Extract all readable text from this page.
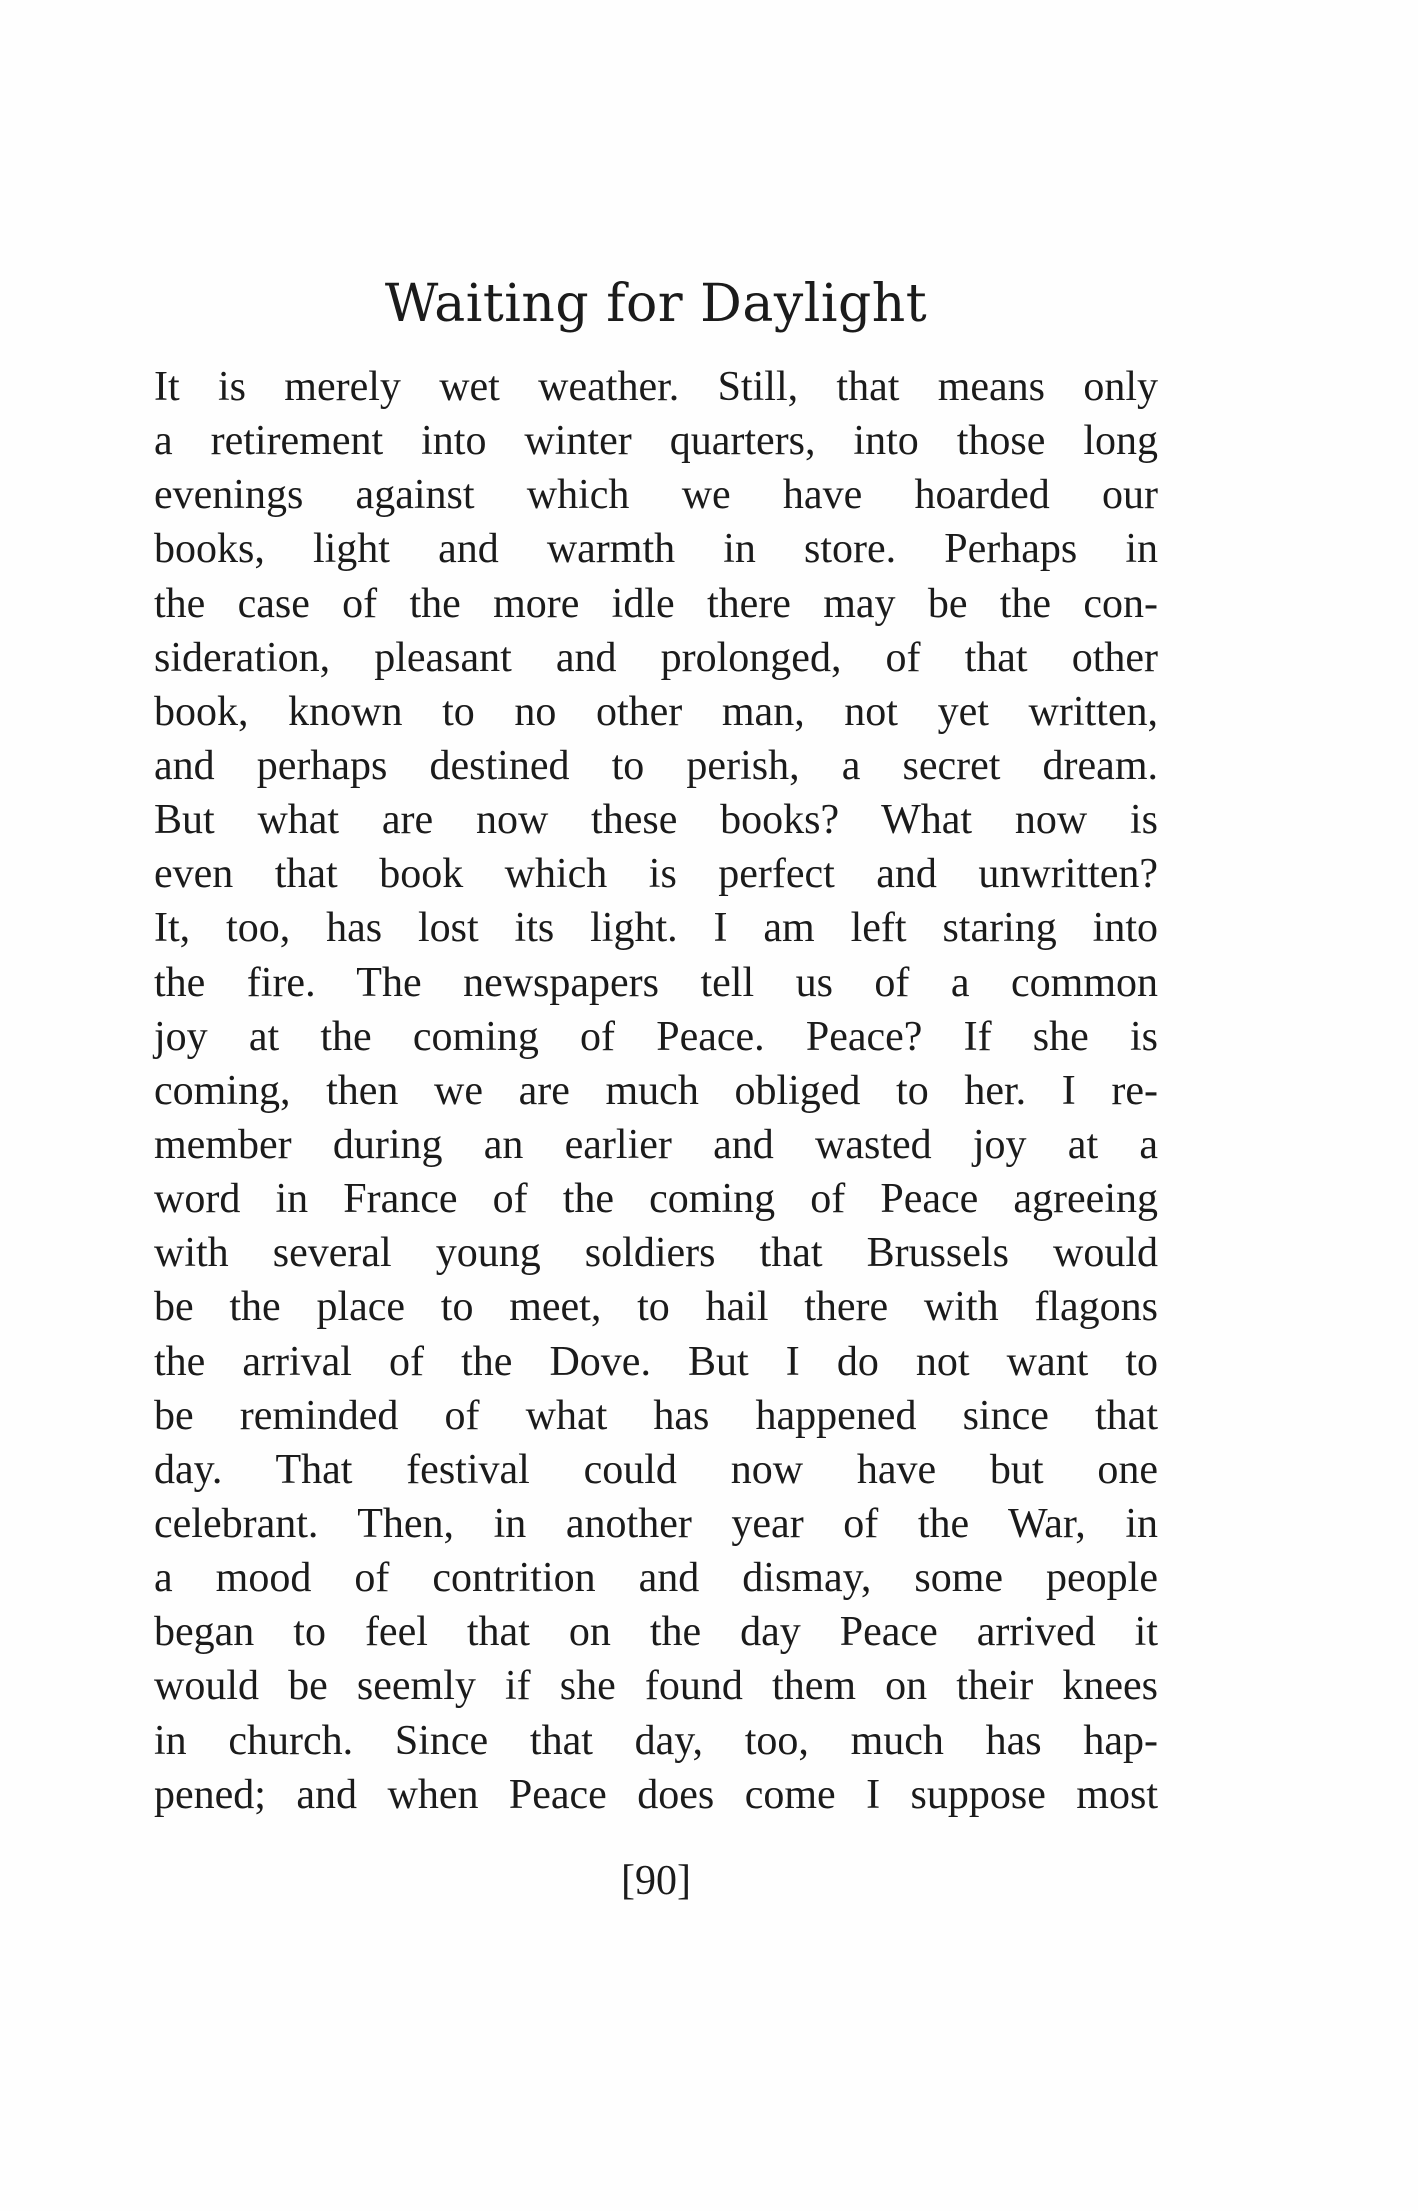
Waiting for Daylight
It is merely wet weather. Still, that means only
a retirement into winter quarters, into those long
evenings against which we have hoarded our
books, light and warmth in store. Perhaps in
the case of the more idle there may be the con-
sideration, pleasant and prolonged, of that other
book, known to no other man, not yet written,
and perhaps destined to perish, a secret dream.
But what are now these books? What now is
even that book which is perfect and unwritten?
It, too, has lost its light. I am left staring into
the fire. The newspapers tell us of a common
joy at the coming of Peace. Peace? If she is
coming, then we are much obliged to her. I re-
member during an earlier and wasted joy at a
word in France of the coming of Peace agreeing
with several young soldiers that Brussels would
be the place to meet, to hail there with flagons
the arrival of the Dove. But I do not want to
be reminded of what has happened since that
day. That festival could now have but one
celebrant. Then, in another year of the War, in
a mood of contrition and dismay, some people
began to feel that on the day Peace arrived it
would be seemly if she found them on their knees
in church. Since that day, too, much has hap-
pened; and when Peace does come I suppose most
[90]
